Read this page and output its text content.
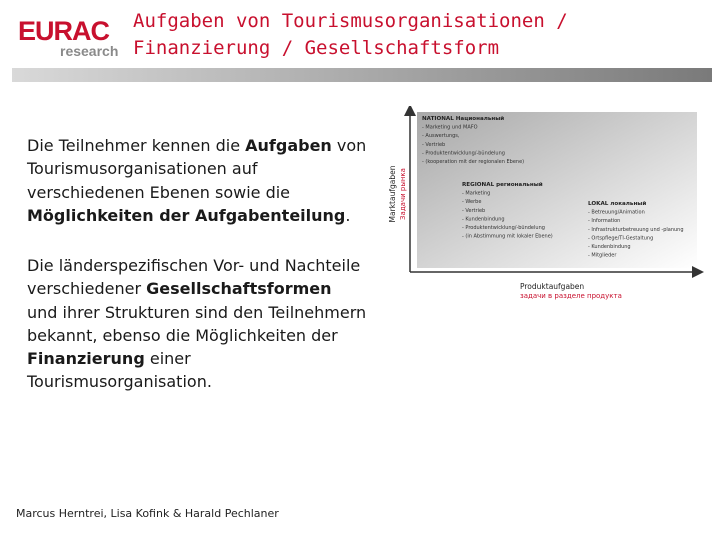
EURAC
research
Aufgaben von Tourismusorganisationen /
Finanzierung / Gesellschaftsform
Die Teilnehmer kennen die Aufgaben von Tourismusorganisationen auf verschiedenen Ebenen sowie die Möglichkeiten der Aufgabenteilung.
Die länderspezifischen Vor- und Nachteile verschiedener Gesellschaftsformen und ihrer Strukturen sind den Teilnehmern bekannt, ebenso die Möglichkeiten der Finanzierung einer Tourismusorganisation.
Marcus Herntrei, Lisa Kofink & Harald Pechlaner
Marktaufgaben Задачи рынка
Produktaufgaben
задачи в разделе продукта
NATIONAL Национальный
- Marketing und MAFO
- Auswertungs,
- Vertrieb
- Produktentwicklung/-bündelung
- (kooperation mit der regionalen Ebene)
REGIONAL региональный
- Marketing
- Werbe
- Vertrieb
- Kundenbindung
- Produktentwicklung/-bündelung
- (in Abstimmung mit lokaler Ebene)
LOKAL локальный
- Betreuung/Animation
- Information
- Infrastrukturbetreuung und -planung
- Ortspflege/TI-Gestaltung
- Kundenbindung
- Mitglieder
